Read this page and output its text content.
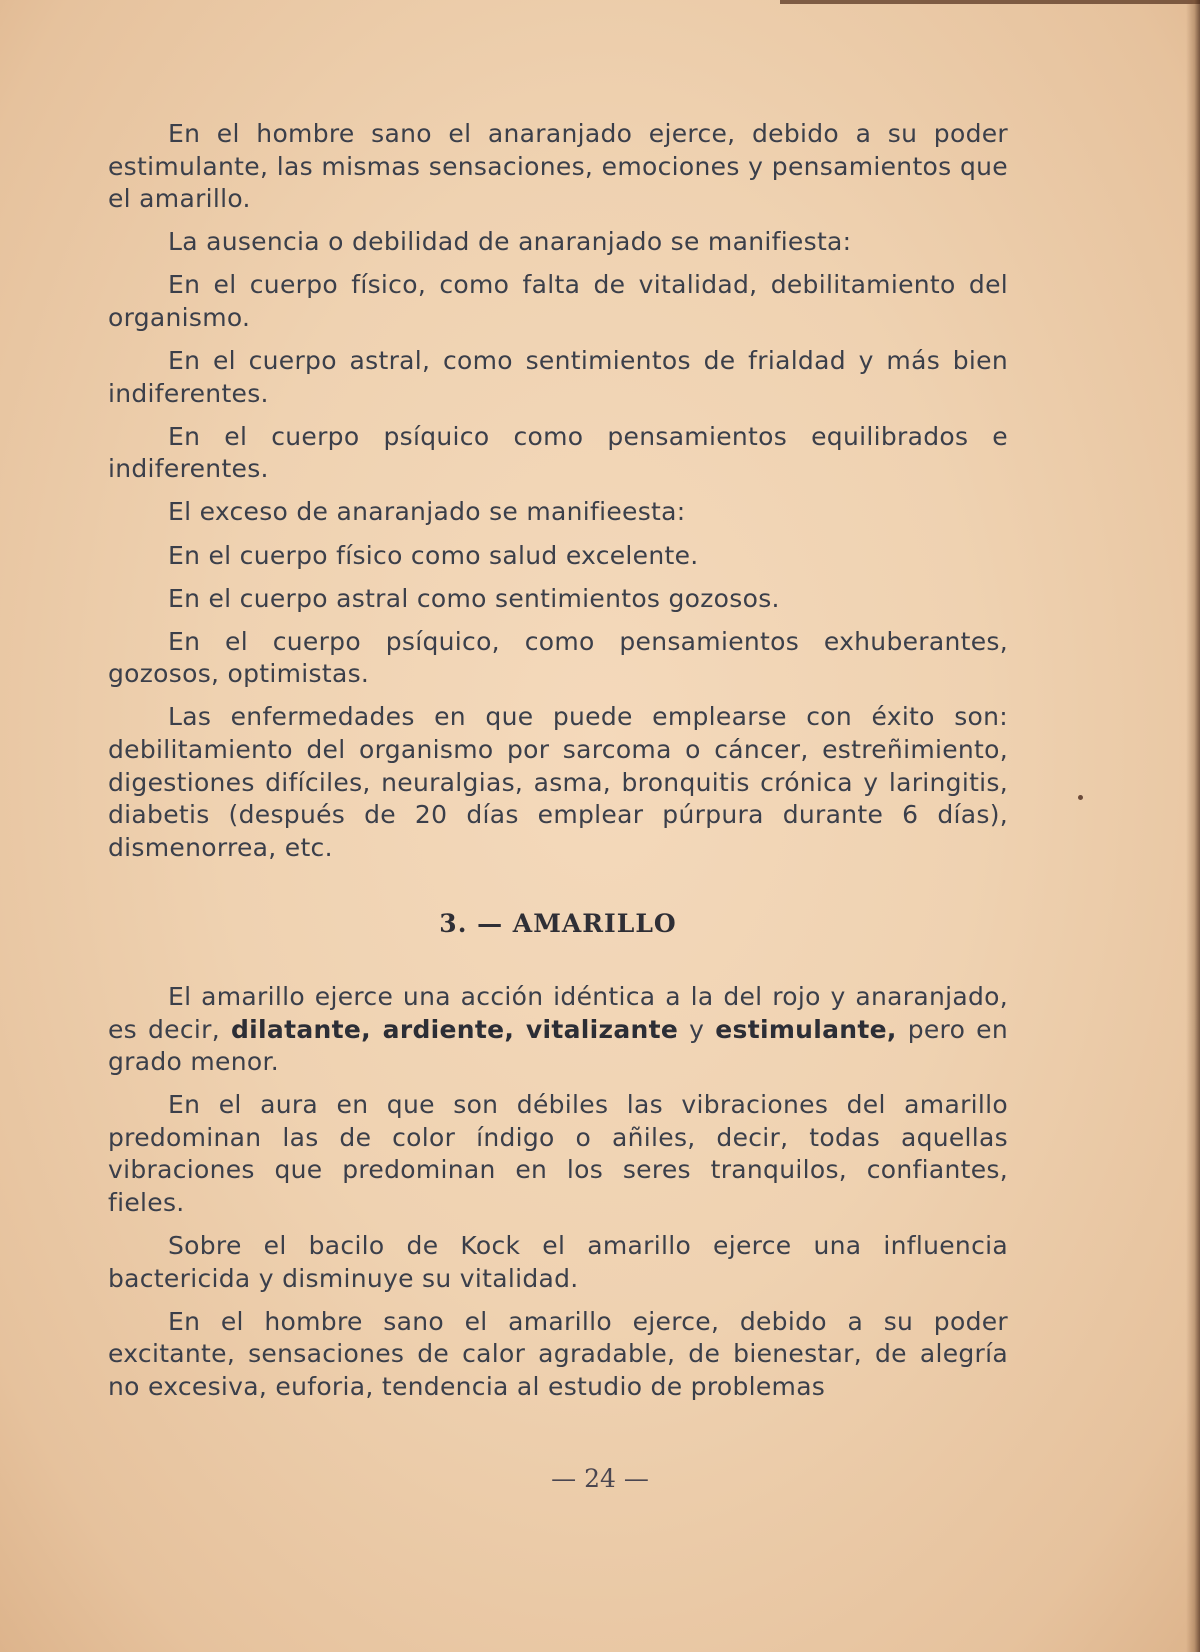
En el hombre sano el anaranjado ejerce, debido a su poder estimulante, las mismas sensaciones, emociones y pensamientos que el amarillo.

La ausencia o debilidad de anaranjado se manifiesta:

En el cuerpo físico, como falta de vitalidad, debilitamiento del organismo.

En el cuerpo astral, como sentimientos de frialdad y más bien indiferentes.

En el cuerpo psíquico como pensamientos equilibrados e indiferentes.

El exceso de anaranjado se manifieesta:

En el cuerpo físico como salud excelente.

En el cuerpo astral como sentimientos gozosos.

En el cuerpo psíquico, como pensamientos exhuberantes, gozosos, optimistas.

Las enfermedades en que puede emplearse con éxito son: debilitamiento del organismo por sarcoma o cáncer, estreñimiento, digestiones difíciles, neuralgias, asma, bronquitis crónica y laringitis, diabetis (después de 20 días emplear púrpura durante 6 días), dismenorrea, etc.

3. — AMARILLO

El amarillo ejerce una acción idéntica a la del rojo y anaranjado, es decir, dilatante, ardiente, vitalizante y estimulante, pero en grado menor.

En el aura en que son débiles las vibraciones del amarillo predominan las de color índigo o añiles, decir, todas aquellas vibraciones que predominan en los seres tranquilos, confiantes, fieles.

Sobre el bacilo de Kock el amarillo ejerce una influencia bactericida y disminuye su vitalidad.

En el hombre sano el amarillo ejerce, debido a su poder excitante, sensaciones de calor agradable, de bienestar, de alegría no excesiva, euforia, tendencia al estudio de problemas

— 24 —
